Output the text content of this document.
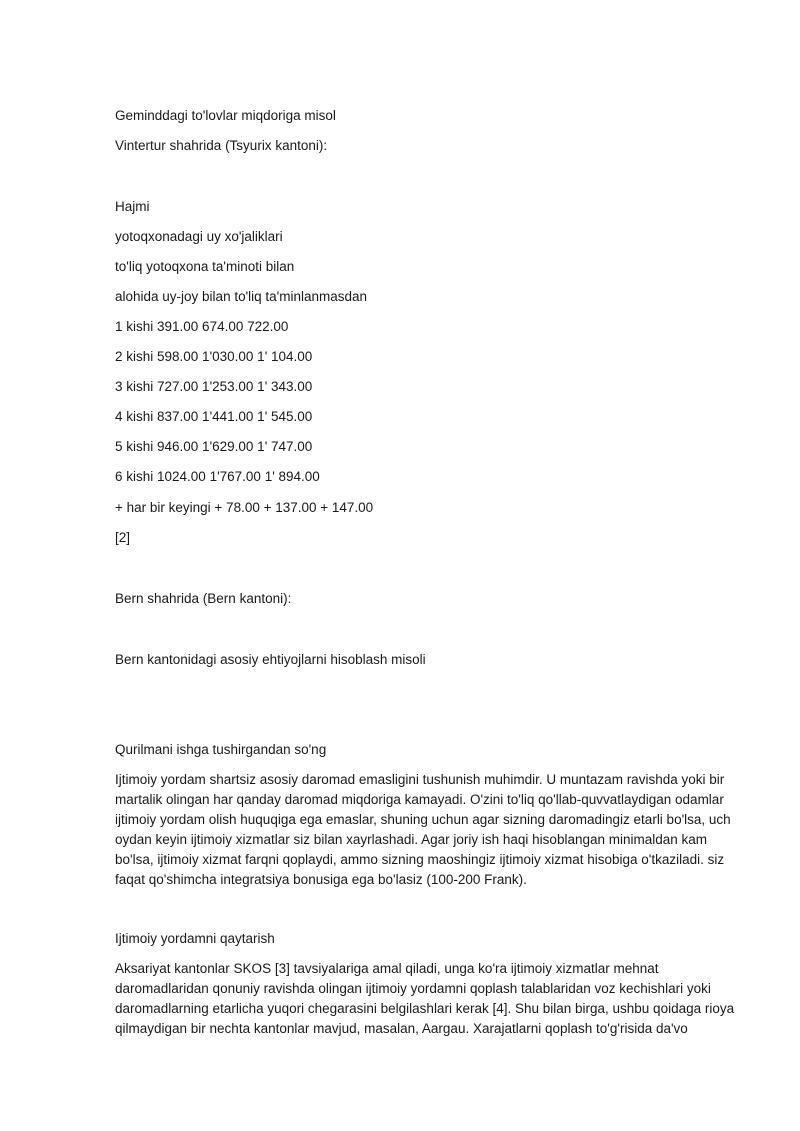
Geminddagi to'lovlar miqdoriga misol
Vintertur shahrida (Tsyurix kantoni):
Hajmi
yotoqxonadagi uy xo'jaliklari
to'liq yotoqxona ta'minoti bilan
alohida uy-joy bilan to'liq ta'minlanmasdan
1 kishi 391.00 674.00 722.00
2 kishi 598.00 1'030.00 1' 104.00
3 kishi 727.00 1'253.00 1' 343.00
4 kishi 837.00 1'441.00 1' 545.00
5 kishi 946.00 1'629.00 1' 747.00
6 kishi 1024.00 1'767.00 1' 894.00
+ har bir keyingi + 78.00 + 137.00 + 147.00
[2]
Bern shahrida (Bern kantoni):
Bern kantonidagi asosiy ehtiyojlarni hisoblash misoli
Qurilmani ishga tushirgandan so'ng
Ijtimoiy yordam shartsiz asosiy daromad emasligini tushunish muhimdir. U muntazam ravishda yoki bir
martalik olingan har qanday daromad miqdoriga kamayadi. O'zini to'liq qo'llab-quvvatlaydigan odamlar
ijtimoiy yordam olish huquqiga ega emaslar, shuning uchun agar sizning daromadingiz etarli bo'lsa, uch
oydan keyin ijtimoiy xizmatlar siz bilan xayrlashadi. Agar joriy ish haqi hisoblangan minimaldan kam
bo'lsa, ijtimoiy xizmat farqni qoplaydi, ammo sizning maoshingiz ijtimoiy xizmat hisobiga o'tkaziladi. siz
faqat qo'shimcha integratsiya bonusiga ega bo'lasiz (100-200 Frank).
Ijtimoiy yordamni qaytarish
Aksariyat kantonlar SKOS [3] tavsiyalariga amal qiladi, unga ko'ra ijtimoiy xizmatlar mehnat
daromadlaridan qonuniy ravishda olingan ijtimoiy yordamni qoplash talablaridan voz kechishlari yoki
daromadlarning etarlicha yuqori chegarasini belgilashlari kerak [4]. Shu bilan birga, ushbu qoidaga rioya
qilmaydigan bir nechta kantonlar mavjud, masalan, Aargau. Xarajatlarni qoplash to'g'risida da'vo
